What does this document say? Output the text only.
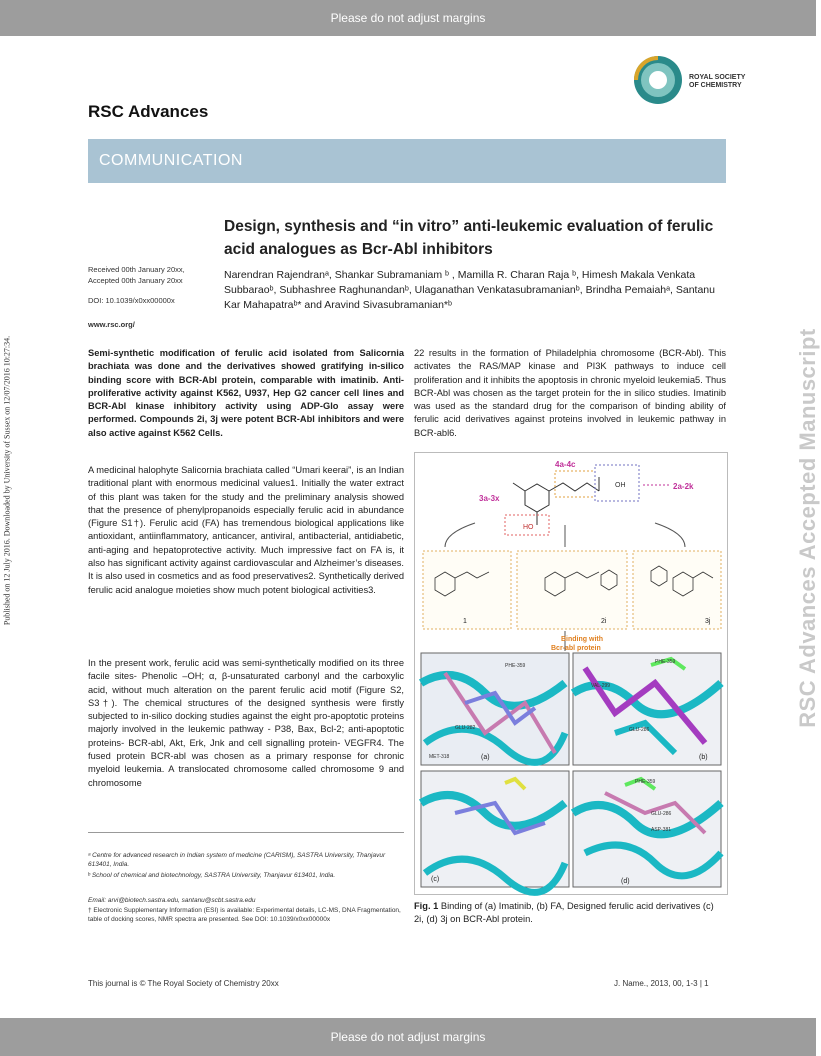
Please do not adjust margins
Published on 12 July 2016. Downloaded by University of Sussex on 12/07/2016 10:27:34.
RSC Advances
ROYAL SOCIETY
OF CHEMISTRY
COMMUNICATION
Design, synthesis and “in vitro” anti-leukemic evaluation of ferulic acid analogues as Bcr-Abl inhibitors
Received 00th January 20xx,
Accepted 00th January 20xx
DOI: 10.1039/x0xx00000x
www.rsc.org/
Narendran Rajendranᵃ, Shankar Subramaniam ᵇ , Mamilla R. Charan Raja ᵇ, Himesh Makala Venkata Subbaraoᵇ, Subhashree Raghunandanᵇ, Ulaganathan Venkatasubramanianᵇ, Brindha Pemaiahᵃ, Santanu Kar Mahapatraᵇ* and Aravind Sivasubramanian*ᵇ
Semi-synthetic modification of ferulic acid isolated from Salicornia brachiata was done and the derivatives showed gratifying in-silico binding score with BCR-Abl protein, comparable with imatinib. Anti-proliferative activity against K562, U937, Hep G2 cancer cell lines and BCR-Abl kinase inhibitory activity using ADP-Glo assay were performed. Compounds 2i, 3j were potent BCR-Abl inhibitors and were also active against K562 Cells.
A medicinal halophyte Salicornia brachiata called “Umari keerai”, is an Indian traditional plant with enormous medicinal values1. Initially the water extract of this plant was taken for the study and the preliminary analysis showed that the presence of phenylpropanoids especially ferulic acid in abundance (Figure S1†). Ferulic acid (FA) has tremendous biological applications like antioxidant, antiinflammatory, anticancer, antiviral, antibacterial, antidiabetic, anti-aging and hepatoprotective activity. Much impressive fact on FA is, it also has significant activity against cardiovascular and Alzheimer’s diseases. It is also used in cosmetics and as food preservatives2. Synthetically derived ferulic acid analogue moieties show much potent biological activities3.
In the present work, ferulic acid was semi-synthetically modified on its three facile sites- Phenolic –OH; α, β-unsaturated carbonyl and the carboxylic acid, without much alteration on the parent ferulic acid motif (Figure S2, S3†). The chemical structures of the designed synthesis were firstly subjected to in-silico docking studies against the eight pro-apoptotic proteins majorly involved in the leukemic pathway - P38, Bax, Bcl-2; anti-apoptotic proteins- BCR-abl, Akt, Erk, Jnk and cell signalling protein- VEGFR4. The fused protein BCR-abl was chosen as a primary response for chronic myeloid leukemia. A translocated chromosome called chromosome 9 and chromosome
22 results in the formation of Philadelphia chromosome (BCR-Abl). This activates the RAS/MAP kinase and PI3K pathways to induce cell proliferation and it inhibits the apoptosis in chronic myeloid leukemia5. Thus BCR-Abl was chosen as the target protein for the in silico studies. Imatinib was used as the standard drug for the comparison of binding ability of ferulic acid derivatives against proteins involved in leukemic pathway in BCR-abl6.
HO
OH
4a-4c
3a-3x
2a-2k
1	2i	3j
Binding with
Bcr-abl protein
PHE-359
GLU-282
MET-318	(a)
PHE-359
VAL-299
GLU-286
(b)
(c)
PHE-359
GLU-286
ASP-381
(d)
Fig. 1 Binding of (a) Imatinib, (b) FA, Designed ferulic acid derivatives (c) 2i, (d) 3j on BCR-Abl protein.
ᵃ Centre for advanced research in Indian system of medicine (CARISM), SASTRA University, Thanjavur 613401, India.
ᵇ School of chemical and biotechnology, SASTRA University, Thanjavur 613401, India.
Email: arvi@biotech.sastra.edu, santanu@scbt.sastra.edu
† Electronic Supplementary Information (ESI) is available: Experimental details, LC-MS, DNA Fragmentation, table of docking scores, NMR spectra are presented. See DOI: 10.1039/x0xx00000x
This journal is © The Royal Society of Chemistry 20xx	J. Name., 2013, 00, 1-3 | 1
RSC Advances Accepted Manuscript
Please do not adjust margins
